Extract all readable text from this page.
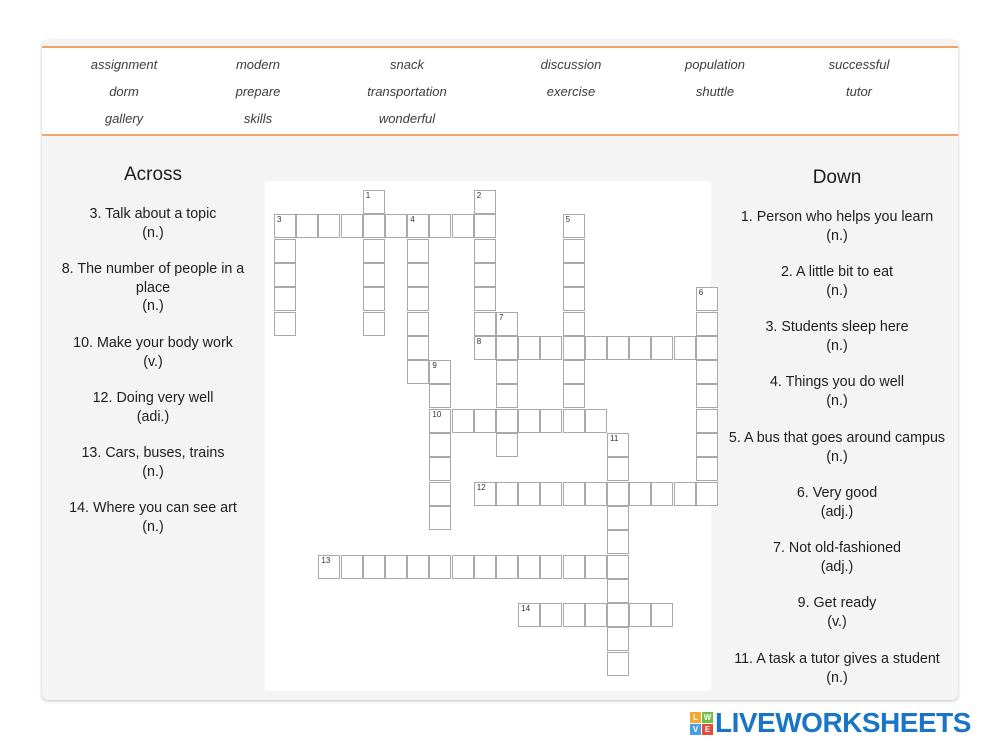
assignment	modern	snack	discussion	population	successful
dorm	prepare	transportation	exercise	shuttle	tutor
gallery	skills	wonderful
Across
3. Talk about a topic
(n.)
8. The number of people in a place
(n.)
10. Make your body work
(v.)
12. Doing very well
(adi.)
13. Cars, buses, trains
(n.)
14. Where you can see art
(n.)
Down
1. Person who helps you learn
(n.)
2. A little bit to eat
(n.)
3. Students sleep here
(n.)
4. Things you do well
(n.)
5. A bus that goes around campus
(n.)
6. Very good
(adj.)
7. Not old-fashioned
(adj.)
9. Get ready
(v.)
11. A task a tutor gives a student
(n.)
3	4
1	2
5
6
7
8
9
10
11
12
13
14
L W
V E LIVEWORKSHEETS
